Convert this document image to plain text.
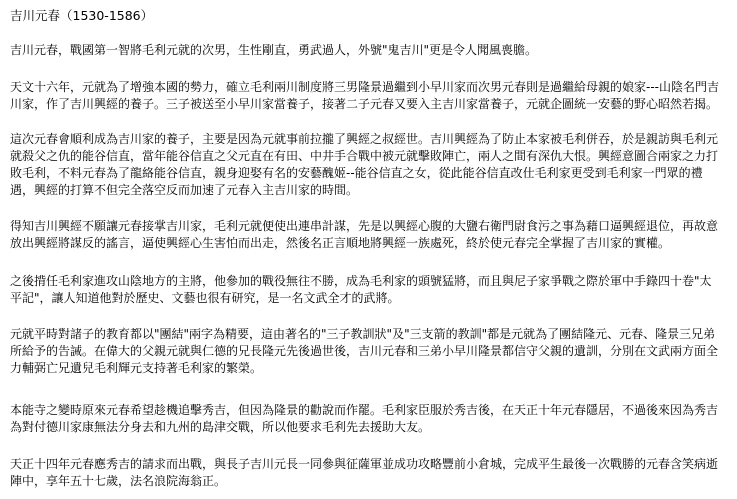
吉川元春（1530-1586）

吉川元春，戰國第一智將毛利元就的次男，生性剛直，勇武過人，外號"鬼吉川"更是令人聞風喪膽。

天文十六年，元就為了增強本國的勢力，確立毛利兩川制度將三男隆景過繼到小早川家而次男元春則是過繼給母親的娘家---山陰名門吉川家，作了吉川興經的養子。三子被送至小早川家當養子，接著二子元春又要入主吉川家當養子，元就企圖統一安藝的野心昭然若揭。

這次元春會順利成為吉川家的養子，主要是因為元就事前拉攏了興經之叔經世。吉川興經為了防止本家被毛利併吞，於是親訪與毛利元就殺父之仇的能谷信直，當年能谷信直之父元直在有田、中井手合戰中被元就擊敗陣亡，兩人之間有深仇大恨。興經意圖合兩家之力打敗毛利，不料元春為了龍絡能谷信直，親身迎娶有名的安藝醜姬--能谷信直之女，從此能谷信直改仕毛利家更受到毛利家一門眾的禮遇，興經的打算不但完全落空反而加速了元春入主吉川家的時間。

得知吉川興經不願讓元春接掌吉川家，毛利元就便使出連串計謀，先是以興經心腹的大鹽右衛門尉食污之事為藉口逼興經退位，再故意放出興經將謀反的謠言，逼使興經心生害怕而出走，然後名正言順地將興經一族處死，終於使元春完全掌握了吉川家的實權。

之後揹任毛利家進攻山陰地方的主將，他參加的戰役無往不勝，成為毛利家的頭號猛將，而且與尼子家爭戰之際於軍中手錄四十卷"太平記"，讓人知道他對於歷史、文藝也很有研究，是一名文武全才的武將。

元就平時對諸子的教育都以"團結"兩字為精要，這由著名的"三子教訓狀"及"三支箭的教訓"都是元就為了團結隆元、元春、隆景三兄弟所給予的告誡。在偉大的父親元就與仁德的兄長隆元先後過世後，吉川元春和三弟小早川隆景都信守父親的遺訓，分別在文武兩方面全力輔弼亡兄遺兒毛利輝元支持著毛利家的繁榮。

本能寺之變時原來元春希望趁機追擊秀吉，但因為隆景的勸說而作罷。毛利家臣服於秀吉後，在天正十年元春隱居，不過後來因為秀吉為對付德川家康無法分身去和九州的島津交戰，所以他要求毛利先去援助大友。

天正十四年元春應秀吉的請求而出戰，與長子吉川元長一同參與征薩軍並成功攻略豐前小倉城，完成平生最後一次戰勝的元春含笑病逝陣中，享年五十七歲，法名浪院海翁正。
